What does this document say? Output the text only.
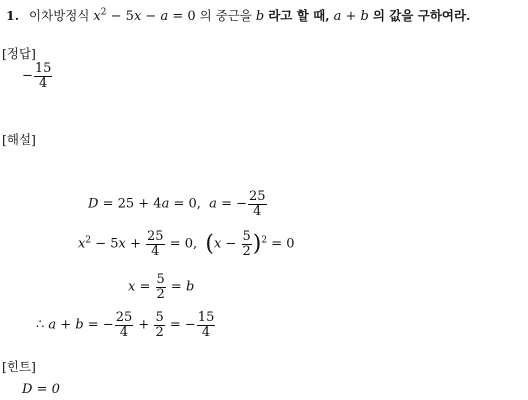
1. 이차방정식 $x^2 - 5x - a = 0$ 의 중근을 b 라고 할 때, a + b 의 값을 구하여라.
[정답]
− $\frac{15}{4}$
[해설]
D = 25 + 4a = 0,  a = − $\frac{25}{4}$
$x^2 - 5x + \frac{25}{4} = 0$,  $(x - \frac{5}{2} )^2 = 0$
$x = \frac{5}{2} = b$
∴ a + b = − $\frac{25}{4} + \frac{5}{2}$ = − $\frac{15}{4}$
[힌트]
D = 0
